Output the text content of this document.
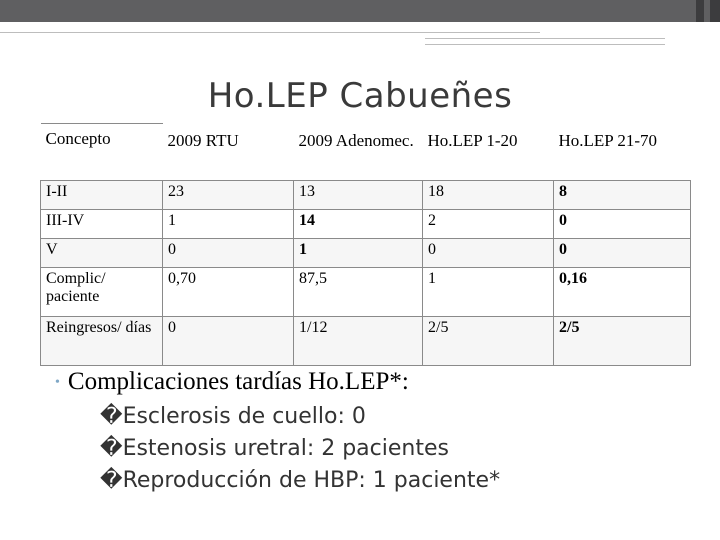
Ho.LEP Cabueñes
Concepto	2009 RTU	2009 Adenomec.	Ho.LEP 1-20	Ho.LEP 21-70
I-II	23	13	18	8
III-IV	1	14	2	0
V	0	1	0	0
Complic/ paciente	0,70	87,5	1	0,16
Reingresos/ días	0	1/12	2/5	2/5
• Complicaciones tardías Ho.LEP*:
�Esclerosis de cuello: 0
�Estenosis uretral: 2 pacientes
�Reproducción de HBP: 1 paciente*
